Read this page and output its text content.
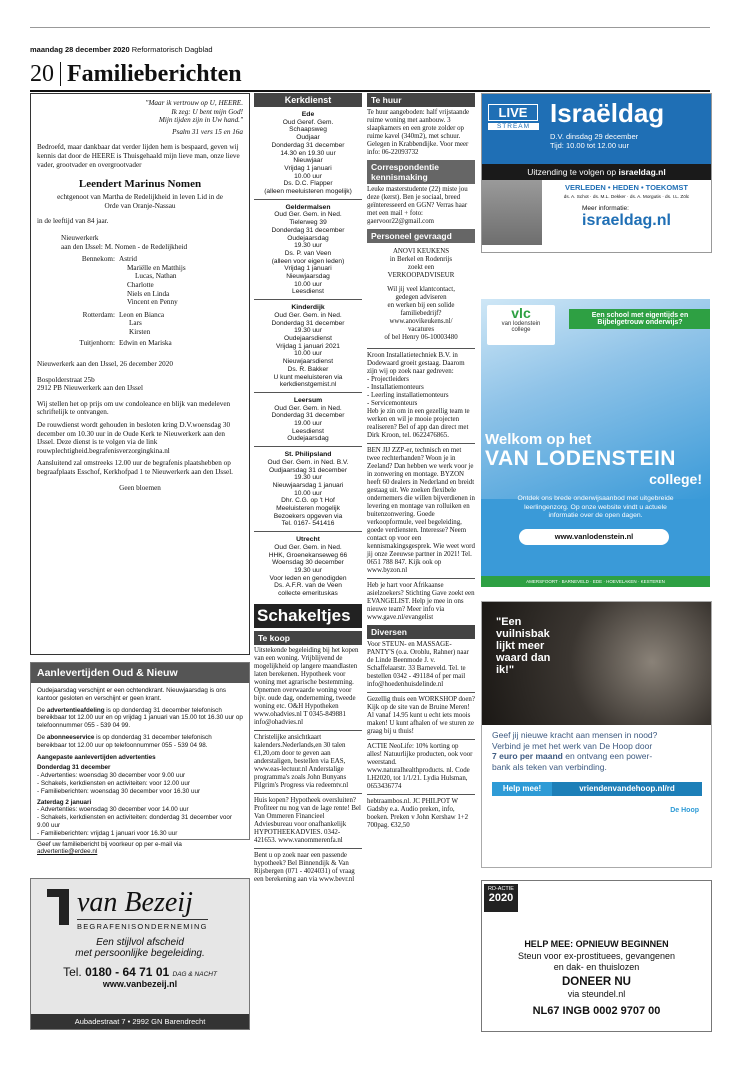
maandag 28 december 2020 Reformatorisch Dagblad
20 Familieberichten
"Maar ik vertrouw op U, HEERE.
Ik zeg: U bent mijn God!
Mijn tijden zijn in Uw hand."
Psalm 31 vers 15 en 16a
Bedroefd, maar dankbaar dat verder lijden hem is bespaard, geven wij kennis dat door de HEERE is Thuisgehaald mijn lieve man, onze lieve vader, grootvader en overgrootvader
Leendert Marinus Nomen
echtgenoot van Martha de Redelijkheid in leven Lid in de Orde van Oranje-Nassau
in de leeftijd van 84 jaar.
Nieuwerkerk
aan den IJssel: M. Nomen - de Redelijkheid
Bennekom: Astrid
Mariëlle en Matthijs
Lucas, Nathan
Charlotte
Niels en Linda
Vincent en Penny
Rotterdam: Leon en Bianca
Lars
Kirsten
Tuitjenhorn: Edwin en Mariska
Nieuwerkerk aan den IJssel, 26 december 2020
Bospolderstraat 25b
2912 PB Nieuwerkerk aan den IJssel
Wij stellen het op prijs om uw condoleance en blijk van medeleven schriftelijk te ontvangen.
De rouwdienst wordt gehouden in besloten kring D.V.woensdag 30 december om 10.30 uur in de Oude Kerk te Nieuwerkerk aan den IJssel. Deze dienst is te volgen via de link rouwplechtigheid.begrafenisverzorgingkina.nl
Aansluitend zal omstreeks 12.00 uur de begrafenis plaatshebben op begraafplaats Esschof, Kerkhofpad 1 te Nieuwerkerk aan den IJssel.
Geen bloemen
Aanlevertijden Oud & Nieuw
Oudejaarsdag verschijnt er een ochtendkrant. Nieuwjaarsdag is ons kantoor gesloten en verschijnt er geen krant.
De advertentieafdeling is op donderdag 31 december telefonisch bereikbaar tot 12.00 uur en op vrijdag 1 januari van 15.00 tot 16.30 uur op telefoonnummer 055 - 539 04 99.
De abonneeservice is op donderdag 31 december telefonisch bereikbaar tot 12.00 uur op telefoonnummer 055 - 539 04 98.
Aangepaste aanlevertijden advertenties
Donderdag 31 december
- Advertenties: woensdag 30 december voor 9.00 uur
- Schakels, kerkdiensten en activiteiten: voor 12.00 uur
- Familieberichten: woensdag 30 december voor 16.30 uur
Zaterdag 2 januari
- Advertenties: woensdag 30 december voor 14.00 uur
- Schakels, kerkdiensten en activiteiten: donderdag 31 december voor 9.00 uur
- Familieberichten: vrijdag 1 januari voor 16.30 uur
Geef uw familiebericht bij voorkeur op per e-mail via advertentie@erdee.nl
van Bezeij
BEGRAFENISONDERNEMING
Een stijlvol afscheid
met persoonlijke begeleiding.
Tel. 0180 - 64 71 01 DAG & NACHT
www.vanbezeij.nl
Aubadestraat 7 • 2992 GN Barendrecht
Kerkdienst
Ede
Oud Geref. Gem.
Schaapsweg
Oudjaar
Donderdag 31 december
14.30 en 19.30 uur
Nieuwjaar
Vrijdag 1 januari
10.00 uur
Ds. D.C. Flapper
(alleen meeluisteren mogelijk)
Geldermalsen
Oud Ger. Gem. in Ned.
Tielerweg 39
Donderdag 31 december
Oudejaarsdag
19.30 uur
Ds. P. van Veen
(alleen voor eigen leden)
Vrijdag 1 januari
Nieuwjaarsdag
10.00 uur
Leesdienst
Kinderdijk
Oud Ger. Gem. in Ned.
Donderdag 31 december
19.30 uur
Oudejaarsdienst
Vrijdag 1 januari 2021
10.00 uur
Nieuwjaarsdienst
Ds. R. Bakker
U kunt meeluisteren via
kerkdienstgemist.nl
Leersum
Oud Ger. Gem. in Ned.
Donderdag 31 december
19.00 uur
Leesdienst
Oudejaarsdag
St. Philipsland
Oud Ger. Gem. in Ned. B.V.
Oudjaarsdag 31 december
19.30 uur
Nieuwjaarsdag 1 januari
10.00 uur
Dhr. C.G. op 't Hof
Meeluisteren mogelijk
Bezoekers opgeven via
Tel. 0167- 541416
Utrecht
Oud Ger. Gem. in Ned.
HHK, Groenekanseweg 66
Woensdag 30 december
19.30 uur
Voor leden en genodigden
Ds. A.F.R. van de Veen
collecte emerituskas
Schakeltjes
Te koop
Uitstekende begeleiding bij het kopen van een woning. Vrijblijvend de mogelijkheid op langere maandlasten laten berekenen. Hypotheek voor woning met agrarische bestemming. Opnemen overwaarde woning voor bijv. oude dag, onderneming, tweede woning etc. O&H Hypotheken www.ohadvies.nl T 0345-849881 info@ohadvies.nl
Christelijke ansichtkaart kalenders.Nederlands,en 30 talen €1,20,om door te geven aan anderstaligen, bestellen via EAS, www.eas-lectuur.nl Anderstalige programma's zoals John Bunyans Pilgrim's Progress via redeemtv.nl
Huis kopen? Hypotheek oversluiten? Profiteer nu nog van de lage rente! Bel Van Ommeren Financieel Adviesbureau voor onafhankelijk HYPOTHEEKADVIES. 0342-421653. www.vanommerenfa.nl
Bent u op zoek naar een passende hypotheek? Bel Binnendijk & Van Rijsbergen (071 - 4024031) of vraag een berekening aan via www.bevr.nl
Te huur
Te huur aangeboden: half vrijstaande ruime woning met aanbouw. 3 slaapkamers en een grote zolder op ruime kavel (340m2), met schuur. Gelegen in Krabbendijke. Voor meer info: 06-22093732
Correspondentie kennismaking
Leuke masterstudente (22) miste jou deze (kerst). Ben je sociaal, breed geïnteresseerd en GGN? Verras haar met een mail + foto: gaervoor22@gmail.com
Personeel gevraagd
ANOVI KEUKENS
in Berkel en Rodenrijs
zoekt een
VERKOOPADVISEUR
Wil jij veel klantcontact,
gedegen adviseren
en werken bij een solide
familiebedrijf?
www.anovikeukens.nl/
vacatures
of bel Henry 06-10003480
Kroon Installatietechniek B.V. in Dodewaard groeit gestaag. Daarom zijn wij op zoek naar gedreven:
- Projectleiders
- Installatiemonteurs
- Leerling installatiemonteurs
- Servicemonteurs
Heb je zin om in een gezellig team te werken en wil je mooie projecten realiseren? Bel of app dan direct met Dirk Kroon, tel. 0622476865.
BEN JIJ ZZP-er, technisch en met twee rechterhanden? Woon je in Zeeland? Dan hebben we werk voor je in zonwering en montage. BYZON heeft 60 dealers in Nederland en breidt gestaag uit. We zoeken flexibele ondernemers die willen bijverdienen in levering en montage van rolluiken en buitenzonwering. Goede verkoopformule, veel begeleiding, goede verdiensten. Interesse? Neem contact op voor een kennismakingsgesprek. Wie weet word jij onze Zeeuwse partner in 2021! Tel. 0651 788 847. Kijk ook op www.byzon.nl
Heb je hart voor Afrikaanse asielzoekers? Stichting Gave zoekt een EVANGELIST. Help je mee in ons nieuwe team? Meer info via www.gave.nl/evangelist
Diversen
Voor STEUN- en MASSAGE-PANTY'S (o.a. Oroblu, Rahner) naar de Linde Beenmode J. v. Schaffelaarstr. 33 Barneveld. Tel. te bestellen 0342 - 491184 of per mail info@hoedenhuisdelinde.nl
Gezellig thuis een WORKSHOP doen? Kijk op de site van de Bruine Meren! Al vanaf 14.95 kunt u echt iets moois maken! U kunt afhalen of we sturen ze graag bij u thuis!
ACTIE NeoLife: 10% korting op alles! Natuurlijke producten, ook voor weerstand. www.naturalhealthproducts. nl. Code LH2020, tot 1/1/21. Lydia Hulsman, 0653436774
hebtraambos.nl. JC PHILPOT W Gadsby e.a. Audio preken, info, boeken. Preken v John Kershaw 1+2 700pag. €32,50
LIVE
STREAM Israëldag
D.V. dinsdag 29 december
Tijd: 10.00 tot 12.00 uur
Uitzending te volgen op israeldag.nl
VERLEDEN • HEDEN • TOEKOMST
ds. A. Schot · ds. M.L. Dekker · ds. A. Morgutis · ds. I.L. Zölc
Meer informatie:
israeldag.nl
vlc
van lodenstein
college
Een school met eigentijds en
Bijbelgetrouw onderwijs?
Welkom op het
VAN LODENSTEIN
college!
Ontdek ons brede onderwijsaanbod met uitgebreide
leerlingenzorg. Op onze website vindt u actuele
informatie over de open dagen.
www.vanlodenstein.nl
AMERSFOORT · BARNEVELD · EDE · HOEVELAKEN · KESTEREN
"Een
vuilnisbak
lijkt meer
waard dan
ik!"
Geef jij nieuwe kracht aan mensen in nood?
Verbind je met het werk van De Hoop door
7 euro per maand en ontvang een power-
bank als teken van verbinding.
Help mee!	vriendenvandehoop.nl/rd
De Hoop
RD-ACTIE
2020
HELP MEE: OPNIEUW BEGINNEN
Steun voor ex-prostituees, gevangenen
en dak- en thuislozen
DONEER NU
via steundel.nl
NL67 INGB 0002 9707 00
